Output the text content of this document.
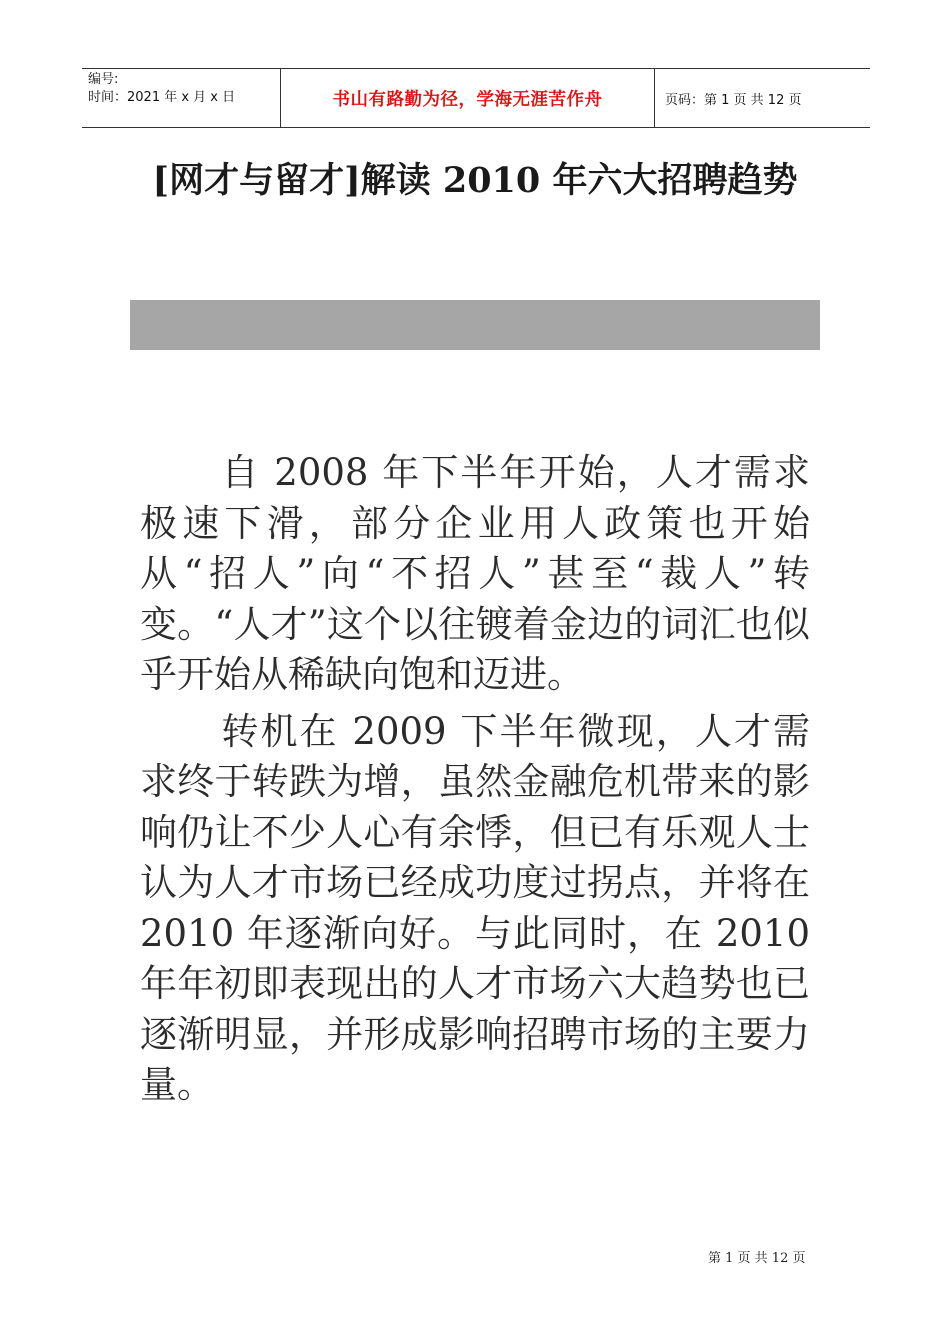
编号:
时间：2021 年 x 月 x 日	书山有路勤为径，学海无涯苦作舟	页码：第 1 页 共 12 页
[网才与留才]解读 2010 年六大招聘趋势

自 2008 年下半年开始，人才需求极速下滑，部分企业用人政策也开始从“招人”向“不招人”甚至“裁人”转变。“人才”这个以往镀着金边的词汇也似乎开始从稀缺向饱和迈进。

转机在 2009 下半年微现，人才需求终于转跌为增，虽然金融危机带来的影响仍让不少人心有余悸，但已有乐观人士认为人才市场已经成功度过拐点，并将在 2010 年逐渐向好。与此同时，在 2010 年年初即表现出的人才市场六大趋势也已逐渐明显，并形成影响招聘市场的主要力量。

第 1 页 共 12 页
